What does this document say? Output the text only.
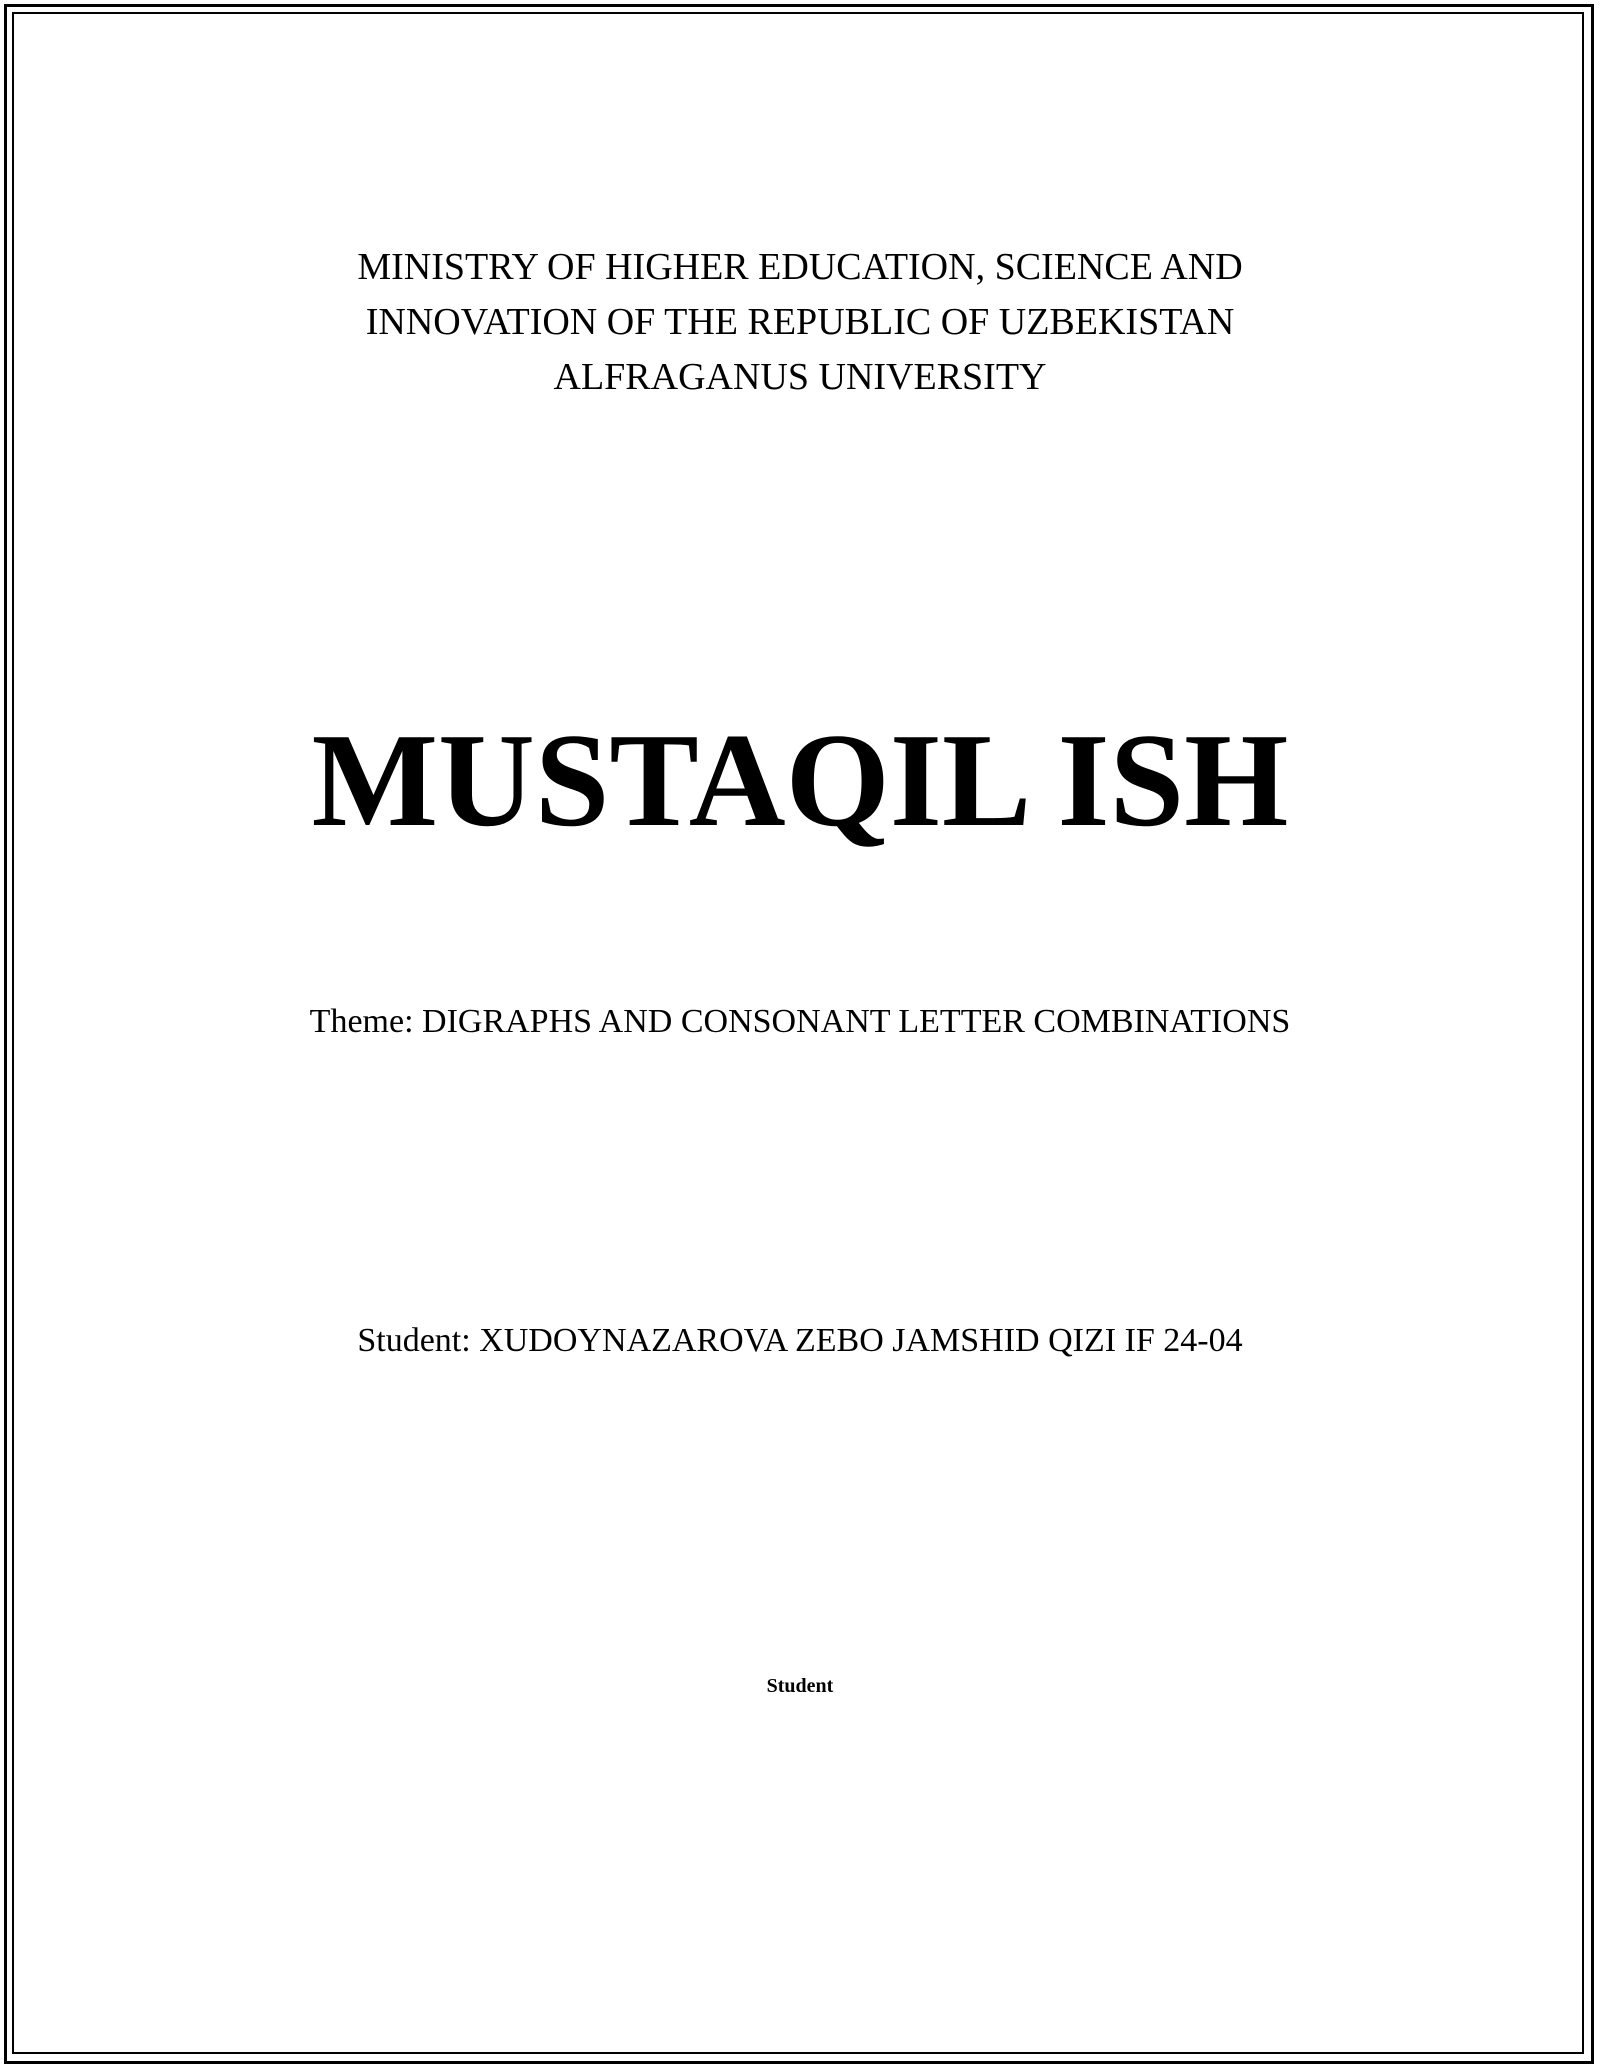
MINISTRY OF HIGHER EDUCATION, SCIENCE AND
INNOVATION OF THE REPUBLIC OF UZBEKISTAN
ALFRAGANUS UNIVERSITY
MUSTAQIL ISH
Theme: DIGRAPHS AND CONSONANT LETTER COMBINATIONS
Student: XUDOYNAZAROVA ZEBO JAMSHID QIZI IF 24-04
Student
